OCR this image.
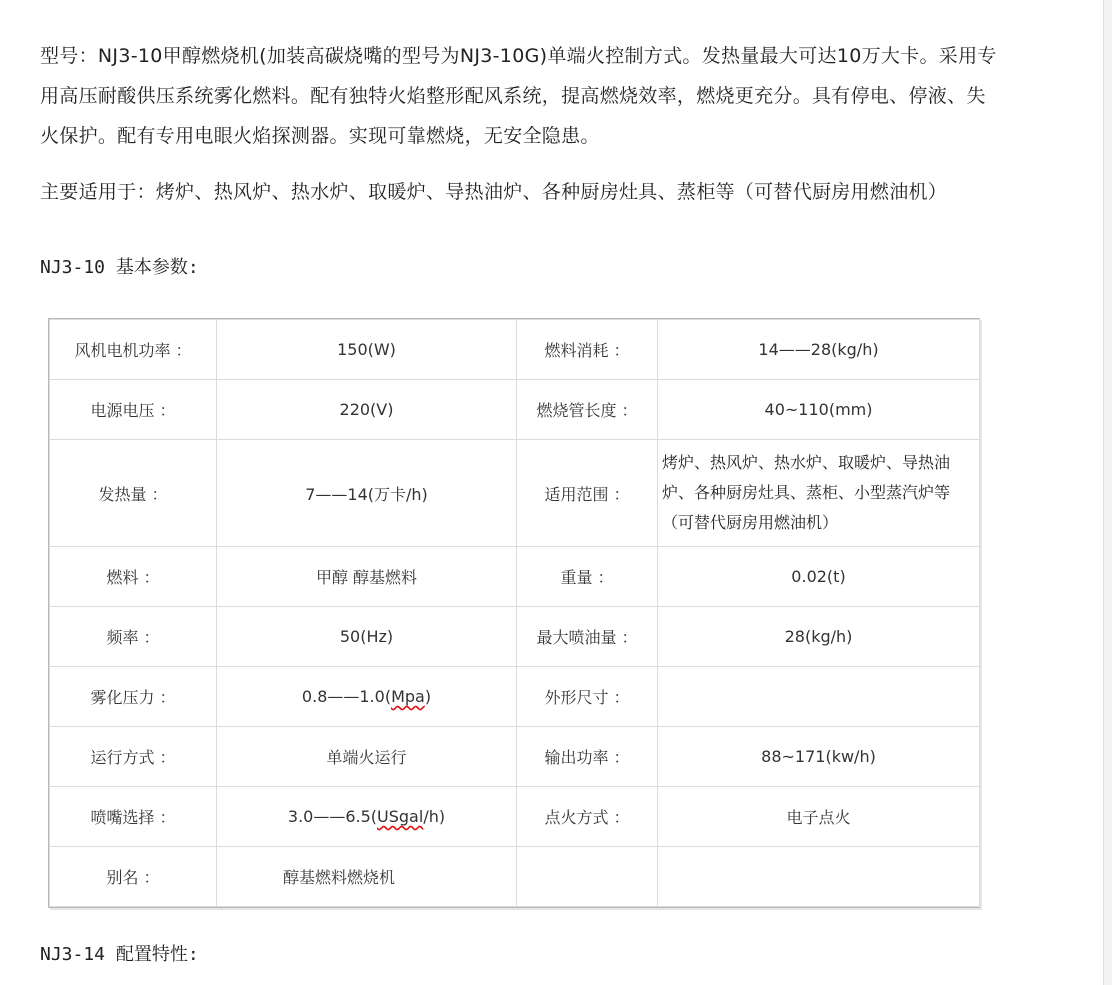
型号：NJ3-10甲醇燃烧机(加装高碳烧嘴的型号为NJ3-10G)单端火控制方式。发热量最大可达10万大卡。采用专
用高压耐酸供压系统雾化燃料。配有独特火焰整形配风系统，提高燃烧效率，燃烧更充分。具有停电、停液、失
火保护。配有专用电眼火焰探测器。实现可靠燃烧，无安全隐患。

主要适用于：烤炉、热风炉、热水炉、取暖炉、导热油炉、各种厨房灶具、蒸柜等（可替代厨房用燃油机）

NJ3-10 基本参数:

风机电机功率 ：	150(W)	燃料消耗 ：	14——28(kg/h)
电源电压 ：	220(V)	燃烧管长度 ：	40~110(mm)
发热量 ：	7——14(万卡/h)	适用范围 ：	烤炉、热风炉、热水炉、取暖炉、导热油炉、各种厨房灶具、蒸柜、小型蒸汽炉等（可替代厨房用燃油机）
燃料 ：	甲醇 醇基燃料	重量 ：	0.02(t)
频率 ：	50(Hz)	最大喷油量 ：	28(kg/h)
雾化压力 ：	0.8——1.0(Mpa)	外形尺寸 ：	
运行方式 ：	单端火运行	输出功率 ：	88~171(kw/h)
喷嘴选择 ：	3.0——6.5(USgal/h)	点火方式 ：	电子点火
别名 ：	醇基燃料燃烧机		

NJ3-14 配置特性:
